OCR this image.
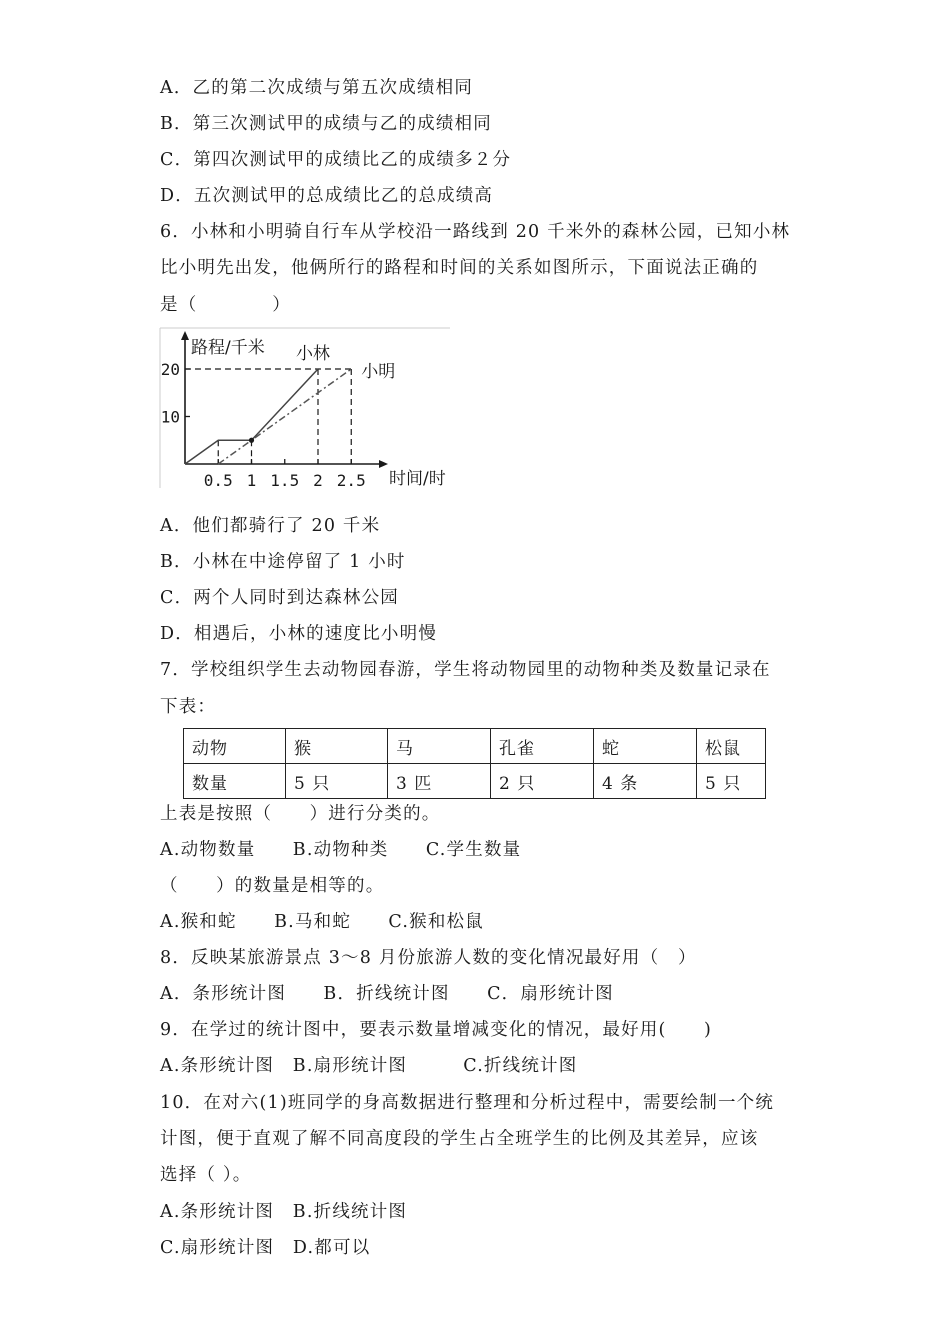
A．乙的第二次成绩与第五次成绩相同
B．第三次测试甲的成绩与乙的成绩相同
C．第四次测试甲的成绩比乙的成绩多２分
D．五次测试甲的总成绩比乙的总成绩高
6．小林和小明骑自行车从学校沿一路线到 20 千米外的森林公园，已知小林
比小明先出发，他俩所行的路程和时间的关系如图所示，下面说法正确的
是（　　　　）
0.5 1 1.5 2 2.5
10
20
小林
小明
路程/千米
时间/时
A．他们都骑行了 20 千米
B．小林在中途停留了 1 小时
C．两个人同时到达森林公园
D．相遇后，小林的速度比小明慢
7．学校组织学生去动物园春游，学生将动物园里的动物种类及数量记录在
下表：
动物	猴	马	孔雀	蛇	松鼠
数量	5 只	3 匹	2 只	4 条	5 只
上表是按照（　　）进行分类的。
A.动物数量　　B.动物种类　　C.学生数量
（　　）的数量是相等的。
A.猴和蛇　　B.马和蛇　　C.猴和松鼠
8．反映某旅游景点 3～8 月份旅游人数的变化情况最好用（　）
A．条形统计图　　B．折线统计图　　C．扇形统计图
9．在学过的统计图中，要表示数量增减变化的情况，最好用(　　)
A.条形统计图　B.扇形统计图　　　C.折线统计图
10．在对六(1)班同学的身高数据进行整理和分析过程中，需要绘制一个统
计图，便于直观了解不同高度段的学生占全班学生的比例及其差异，应该
选择（ ）。
A.条形统计图　B.折线统计图
C.扇形统计图　D.都可以
